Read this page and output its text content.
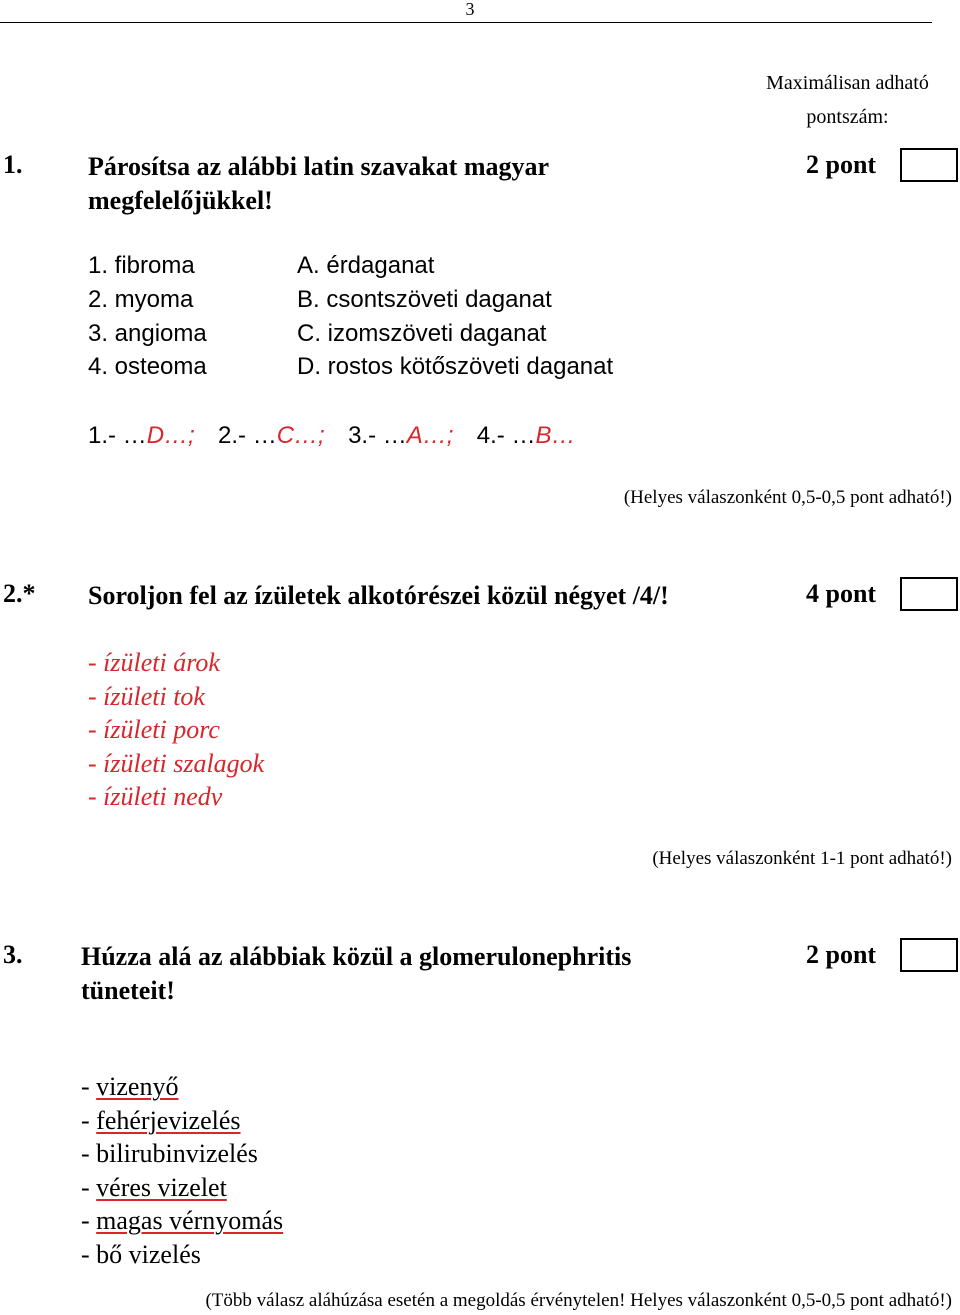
3
Maximálisan adható pontszám:
1.	Párosítsa az alábbi latin szavakat magyar
megfelelőjükkel!
2 pont
1. fibroma
2. myoma
3. angioma
4. osteoma
A. érdaganat
B. csontszöveti daganat
C. izomszöveti daganat
D. rostos kötőszöveti daganat
1.- …D…; 2.- …C…; 3.- …A…; 4.- …B…
(Helyes válaszonként 0,5-0,5 pont adható!)
2.* Soroljon fel az ízületek alkotórészei közül négyet /4/!	4 pont
- ízületi árok
- ízületi tok
- ízületi porc
- ízületi szalagok
- ízületi nedv
(Helyes válaszonként 1-1 pont adható!)
3. Húzza alá az alábbiak közül a glomerulonephritis
tüneteit!
2 pont
- vizenyő
- fehérjevizelés
- bilirubinvizelés
- véres vizelet
- magas vérnyomás
- bő vizelés
(Több válasz aláhúzása esetén a megoldás érvénytelen! Helyes válaszonként 0,5-0,5 pont adható!)
